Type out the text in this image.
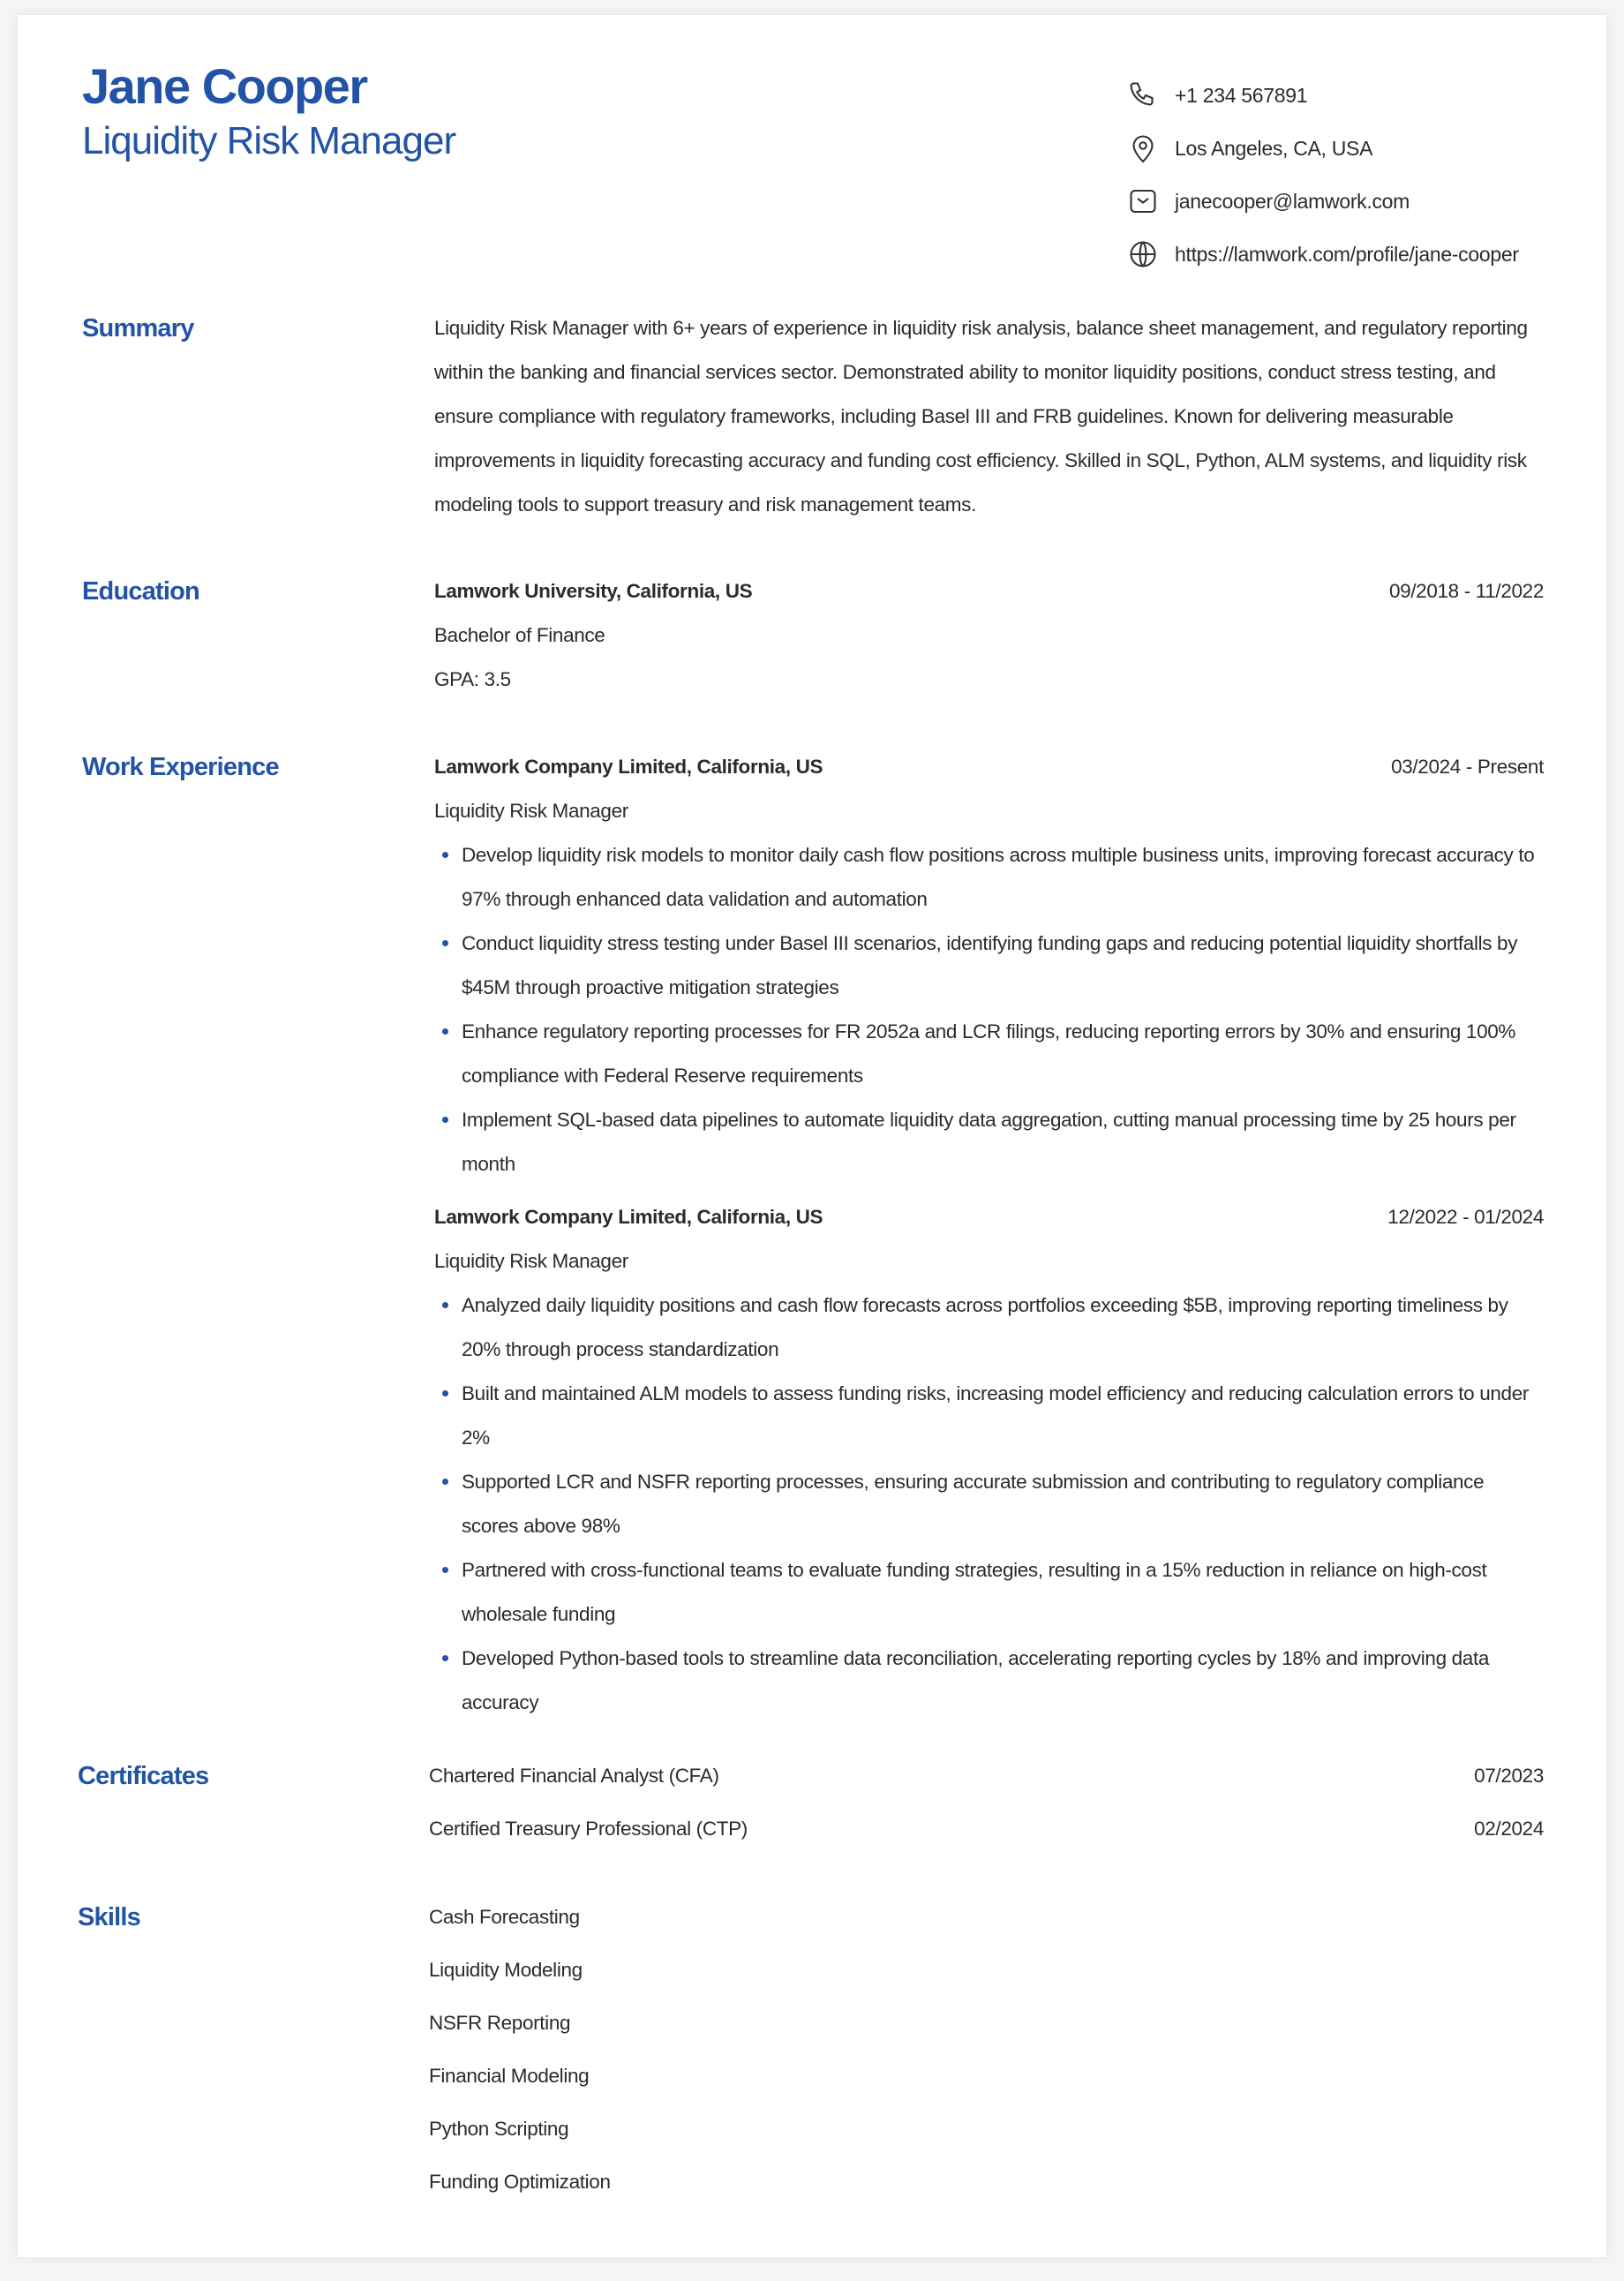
Jane Cooper
Liquidity Risk Manager
+1 234 567891
Los Angeles, CA, USA
janecooper@lamwork.com
https://lamwork.com/profile/jane-cooper
Summary	Liquidity Risk Manager with 6+ years of experience in liquidity risk analysis, balance sheet management, and regulatory reporting within the banking and financial services sector. Demonstrated ability to monitor liquidity positions, conduct stress testing, and ensure compliance with regulatory frameworks, including Basel III and FRB guidelines. Known for delivering measurable improvements in liquidity forecasting accuracy and funding cost efficiency. Skilled in SQL, Python, ALM systems, and liquidity risk modeling tools to support treasury and risk management teams.
Education	Lamwork University, California, US	09/2018 - 11/2022
Bachelor of Finance
GPA: 3.5
Work Experience	Lamwork Company Limited, California, US	03/2024 - Present
Liquidity Risk Manager
Develop liquidity risk models to monitor daily cash flow positions across multiple business units, improving forecast accuracy to 97% through enhanced data validation and automation
Conduct liquidity stress testing under Basel III scenarios, identifying funding gaps and reducing potential liquidity shortfalls by $45M through proactive mitigation strategies
Enhance regulatory reporting processes for FR 2052a and LCR filings, reducing reporting errors by 30% and ensuring 100% compliance with Federal Reserve requirements
Implement SQL-based data pipelines to automate liquidity data aggregation, cutting manual processing time by 25 hours per month
Lamwork Company Limited, California, US	12/2022 - 01/2024
Liquidity Risk Manager
Analyzed daily liquidity positions and cash flow forecasts across portfolios exceeding $5B, improving reporting timeliness by 20% through process standardization
Built and maintained ALM models to assess funding risks, increasing model efficiency and reducing calculation errors to under 2%
Supported LCR and NSFR reporting processes, ensuring accurate submission and contributing to regulatory compliance scores above 98%
Partnered with cross-functional teams to evaluate funding strategies, resulting in a 15% reduction in reliance on high-cost wholesale funding
Developed Python-based tools to streamline data reconciliation, accelerating reporting cycles by 18% and improving data accuracy
Certificates	Chartered Financial Analyst (CFA)	07/2023
Certified Treasury Professional (CTP)	02/2024
Skills	Cash Forecasting
Liquidity Modeling
NSFR Reporting
Financial Modeling
Python Scripting
Funding Optimization
